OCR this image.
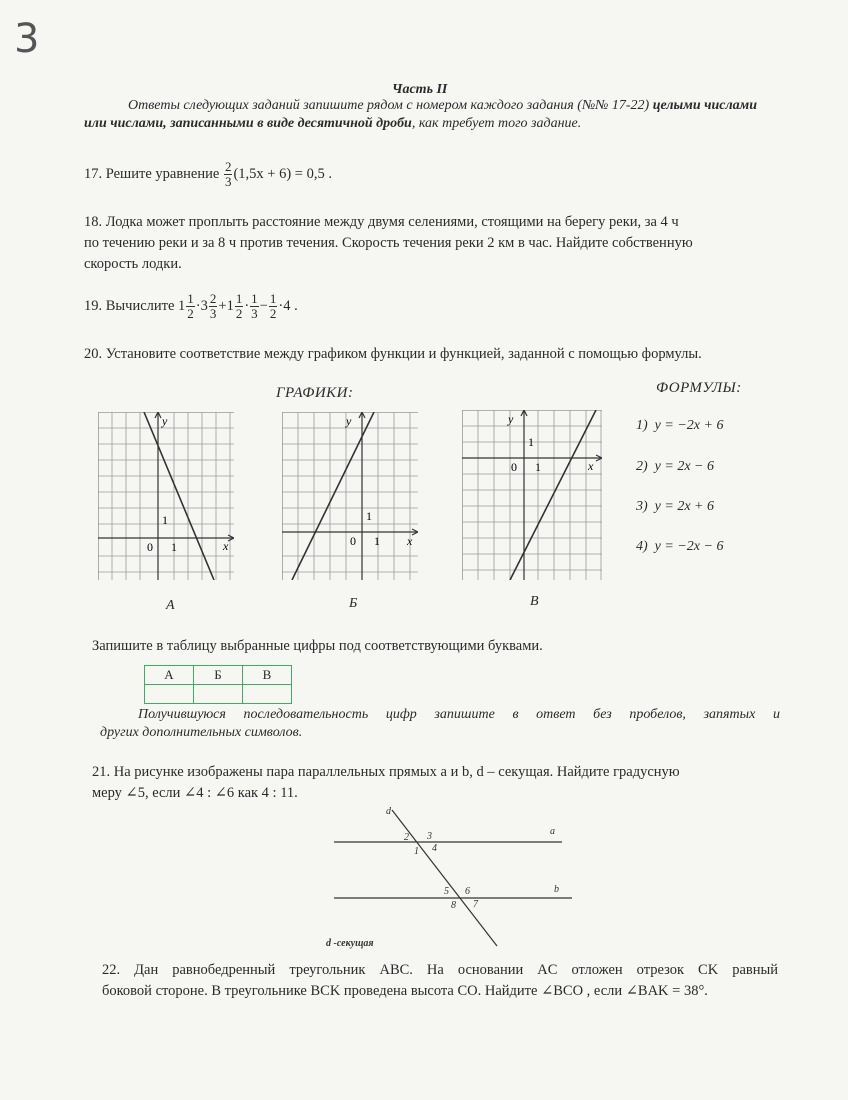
3
Часть II
Ответы следующих заданий запишите рядом с номером каждого задания (№№ 17-22) целыми числами или числами, записанными в виде десятичной дроби, как требует того задание.
17. Решите уравнение $\frac{2}{3} (1,5x + 6) = 0,5$ .
18. Лодка может проплыть расстояние между двумя селениями, стоящими на берегу реки, за 4 ч
по течению реки и за 8 ч против течения. Скорость течения реки 2 км в час. Найдите собственную
скорость лодки.
19. Вычислите $1 \frac{1}{2} \cdot 3 \frac{2}{3} +1 \frac{1}{2} \cdot \frac{1}{3} - \frac{1}{2} \cdot 4$ .
20. Установите соответствие между графиком функции и функцией, заданной с помощью формулы.
ГРАФИКИ:	ФОРМУЛЫ:
y
x
0 1
1
y
x
0 1
1
y
x
0 1
1
А	Б	В
1) y = −2x + 6
2) y = 2x − 6
3) y = 2x + 6
4) y = −2x − 6
Запишите в таблицу выбранные цифры под соответствующими буквами.
А	Б	В

Получившуюся последовательность цифр запишите в ответ без пробелов, запятых и
других дополнительных символов.
21. На рисунке изображены пара параллельных прямых a и b, d – секущая. Найдите градусную
меру ∠5, если ∠4 : ∠6 как 4 : 11.
d
a
b
1
2 3
4
5 6
8 7
d -секущая
22. Дан равнобедренный треугольник ABC. На основании AC отложен отрезок CK равный
боковой стороне. В треугольнике BCK проведена высота CO. Найдите ∠BCO , если ∠BAK = 38°.
